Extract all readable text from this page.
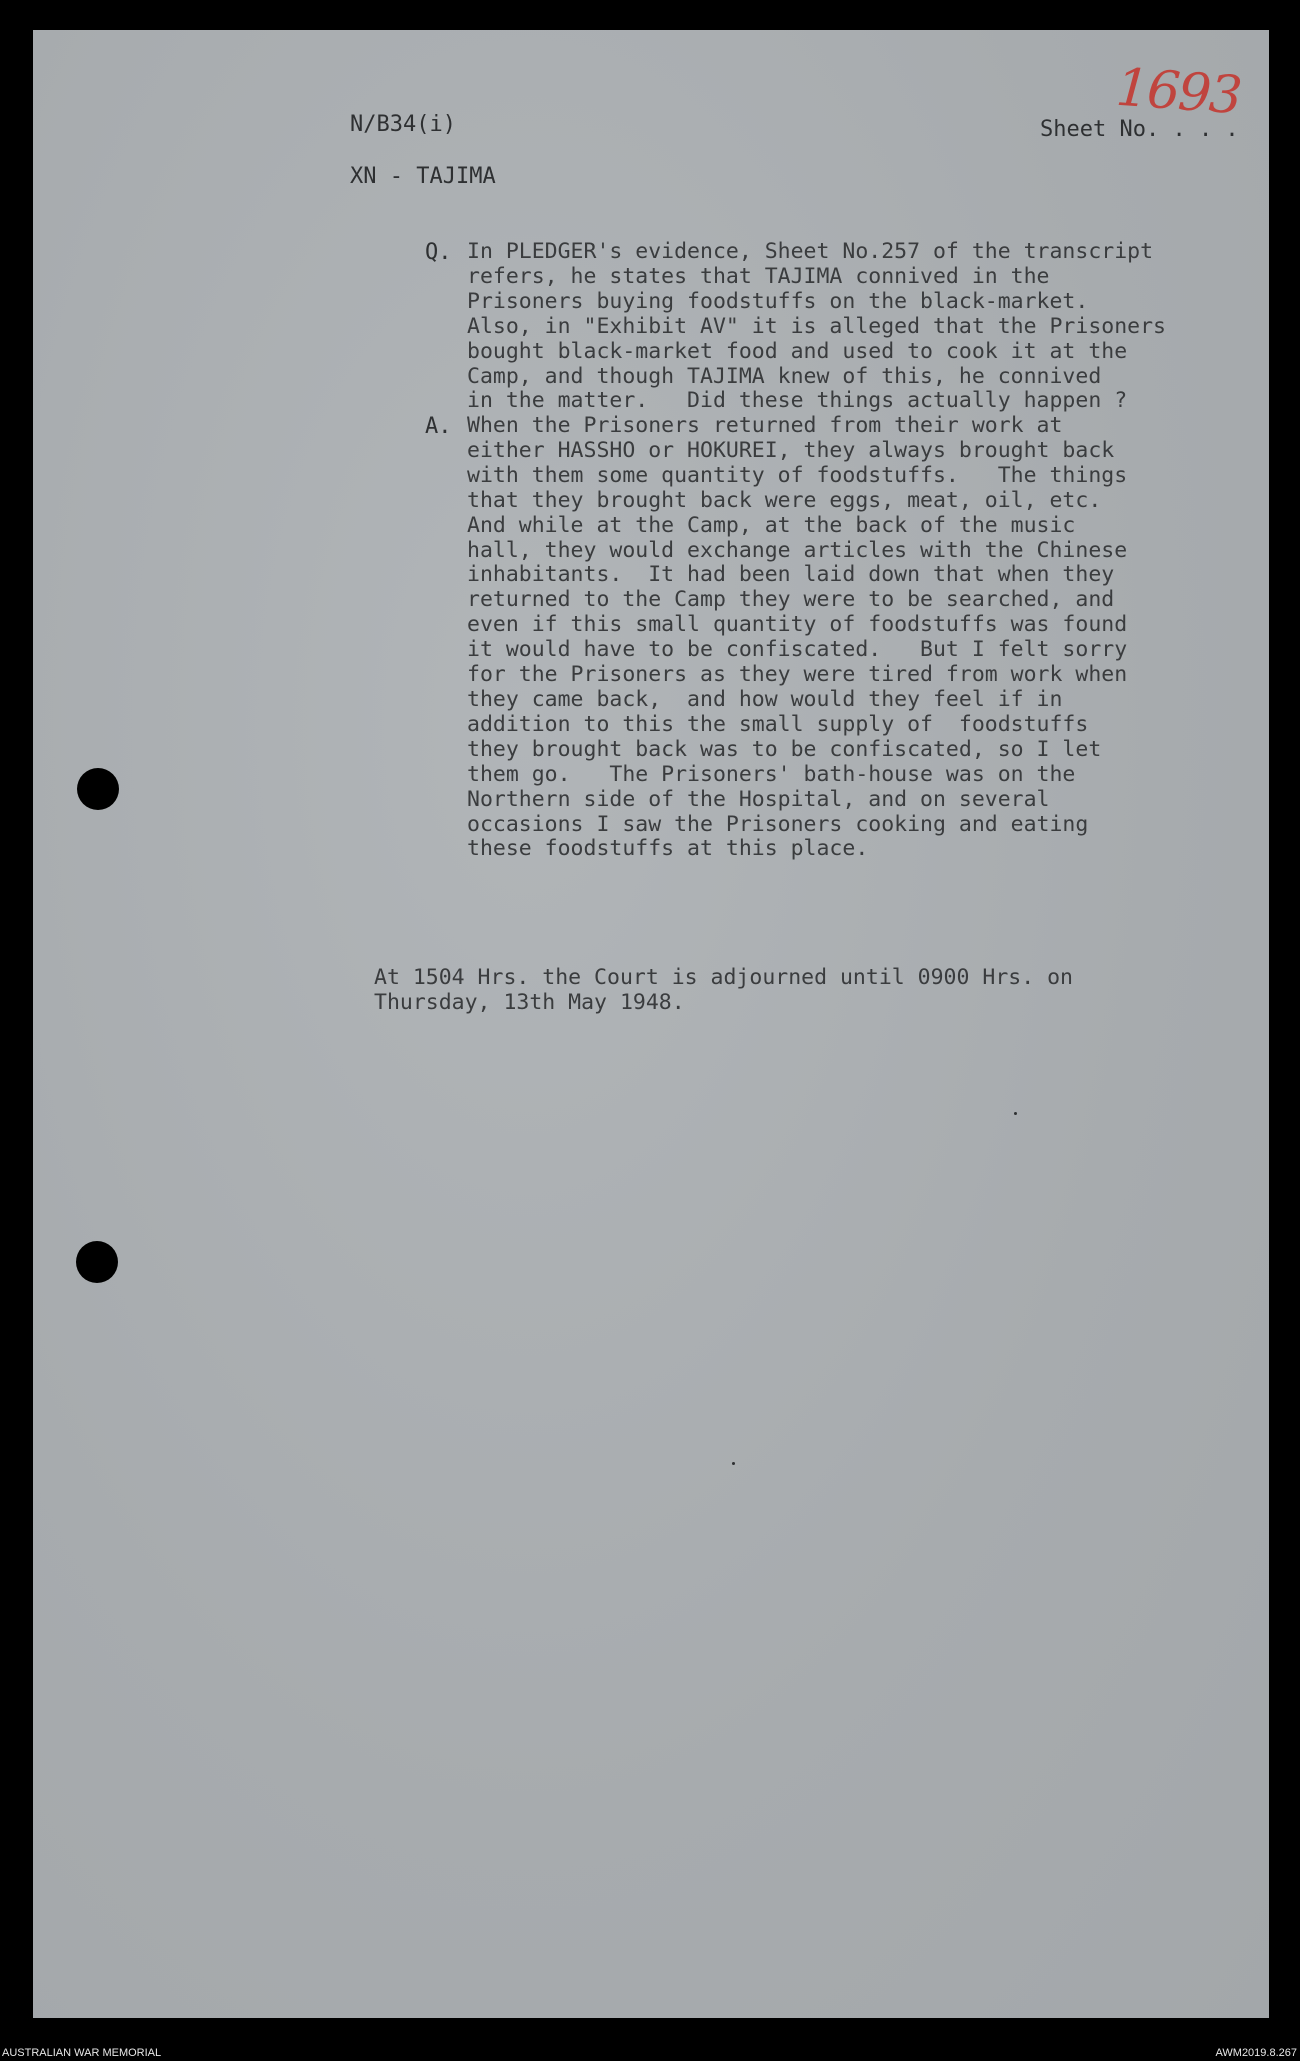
N/B34(i)
XN - TAJIMA
Sheet No. . . .
1693
Q. In PLEDGER's evidence, Sheet No.257 of the transcript
refers, he states that TAJIMA connived in the
Prisoners buying foodstuffs on the black-market.
Also, in "Exhibit AV" it is alleged that the Prisoners
bought black-market food and used to cook it at the
Camp, and though TAJIMA knew of this, he connived
in the matter.   Did these things actually happen ?
A. When the Prisoners returned from their work at
either HASSHO or HOKUREI, they always brought back
with them some quantity of foodstuffs.   The things
that they brought back were eggs, meat, oil, etc.
And while at the Camp, at the back of the music
hall, they would exchange articles with the Chinese
inhabitants.  It had been laid down that when they
returned to the Camp they were to be searched, and
even if this small quantity of foodstuffs was found
it would have to be confiscated.   But I felt sorry
for the Prisoners as they were tired from work when
they came back,  and how would they feel if in
addition to this the small supply of  foodstuffs
they brought back was to be confiscated, so I let
them go.   The Prisoners' bath-house was on the
Northern side of the Hospital, and on several
occasions I saw the Prisoners cooking and eating
these foodstuffs at this place.
At 1504 Hrs. the Court is adjourned until 0900 Hrs. on
Thursday, 13th May 1948.
AUSTRALIAN WAR MEMORIAL	AWM2019.8.267
